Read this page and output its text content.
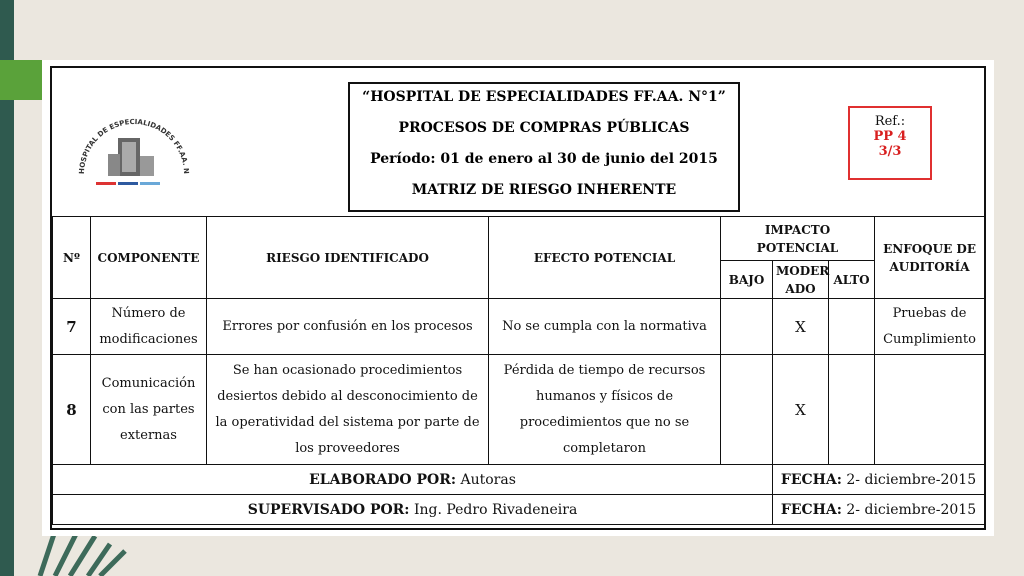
HOSPITAL DE ESPECIALIDADES FF.AA. N
“HOSPITAL DE ESPECIALIDADES FF.AA. N°1”
PROCESOS DE COMPRAS PÚBLICAS
Período: 01 de enero al 30 de junio del 2015
MATRIZ DE RIESGO INHERENTE
Ref.:
PP 4
3/3
Nº	COMPONENTE	RIESGO IDENTIFICADO	EFECTO POTENCIAL	IMPACTO POTENCIAL			ENFOQUE DE AUDITORÍA
				BAJO	MODER ADO	ALTO	
7	Número de modificaciones	Errores por confusión en los procesos	No se cumpla con la normativa		X		Pruebas de Cumplimiento
8	Comunicación con las partes externas	Se han ocasionado procedimientos desiertos debido al desconocimiento de la operatividad del sistema por parte de los proveedores	Pérdida de tiempo de recursos humanos y físicos de procedimientos que no se completaron		X		
ELABORADO POR: Autoras					FECHA: 2- diciembre-2015		
SUPERVISADO POR: Ing. Pedro Rivadeneira					FECHA: 2- diciembre-2015		
